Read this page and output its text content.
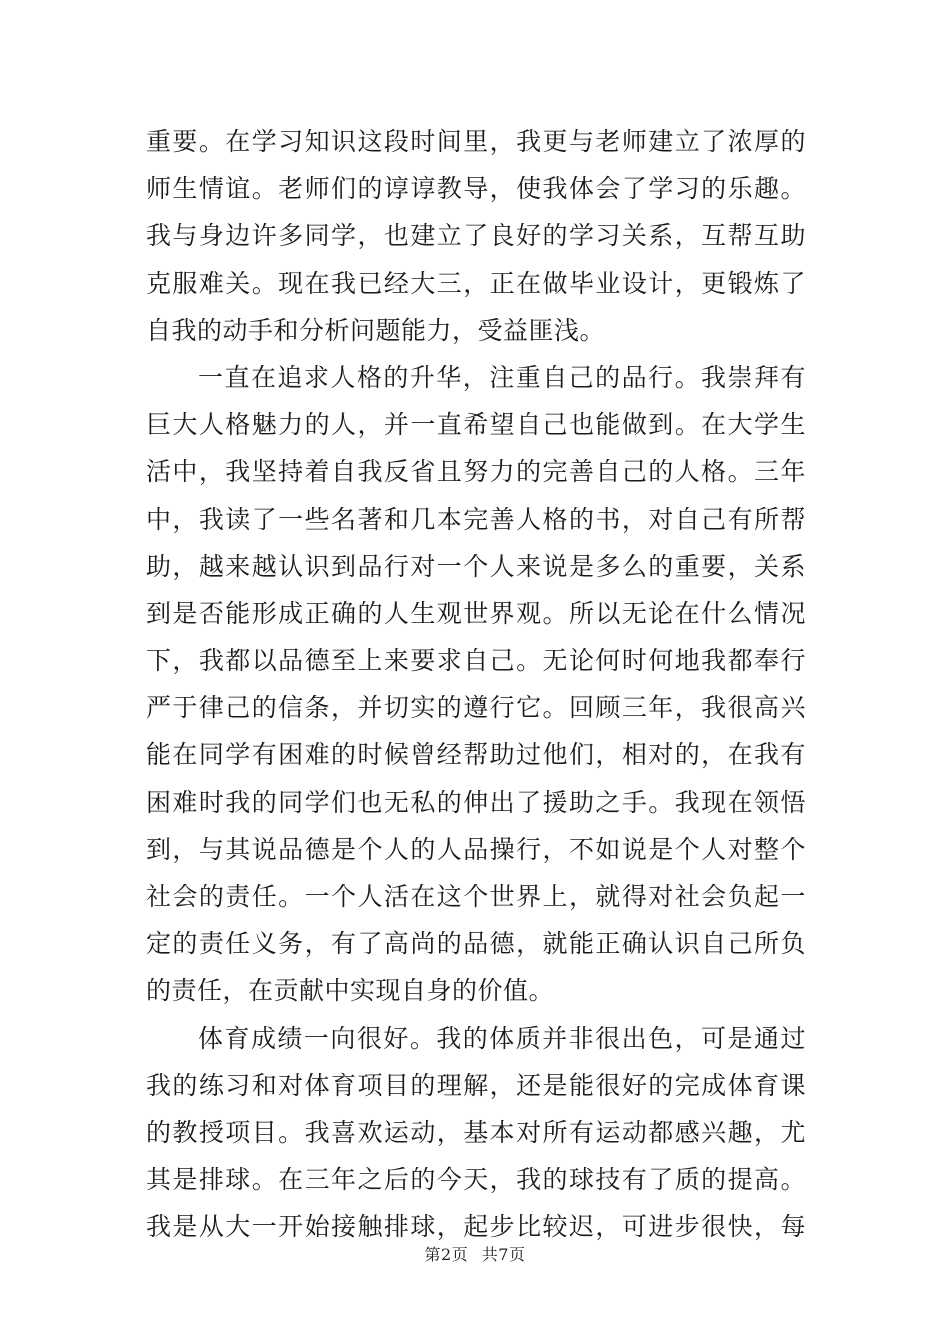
重要。在学习知识这段时间里，我更与老师建立了浓厚的
师生情谊。老师们的谆谆教导，使我体会了学习的乐趣。
我与身边许多同学，也建立了良好的学习关系，互帮互助
克服难关。现在我已经大三，正在做毕业设计，更锻炼了
自我的动手和分析问题能力，受益匪浅。
一直在追求人格的升华，注重自己的品行。我崇拜有
巨大人格魅力的人，并一直希望自己也能做到。在大学生
活中，我坚持着自我反省且努力的完善自己的人格。三年
中，我读了一些名著和几本完善人格的书，对自己有所帮
助，越来越认识到品行对一个人来说是多么的重要，关系
到是否能形成正确的人生观世界观。所以无论在什么情况
下，我都以品德至上来要求自己。无论何时何地我都奉行
严于律己的信条，并切实的遵行它。回顾三年，我很高兴
能在同学有困难的时候曾经帮助过他们，相对的，在我有
困难时我的同学们也无私的伸出了援助之手。我现在领悟
到，与其说品德是个人的人品操行，不如说是个人对整个
社会的责任。一个人活在这个世界上，就得对社会负起一
定的责任义务，有了高尚的品德，就能正确认识自己所负
的责任，在贡献中实现自身的价值。
体育成绩一向很好。我的体质并非很出色，可是通过
我的练习和对体育项目的理解，还是能很好的完成体育课
的教授项目。我喜欢运动，基本对所有运动都感兴趣，尤
其是排球。在三年之后的今天，我的球技有了质的提高。
我是从大一开始接触排球，起步比较迟，可进步很快，每
第2页 共7页
